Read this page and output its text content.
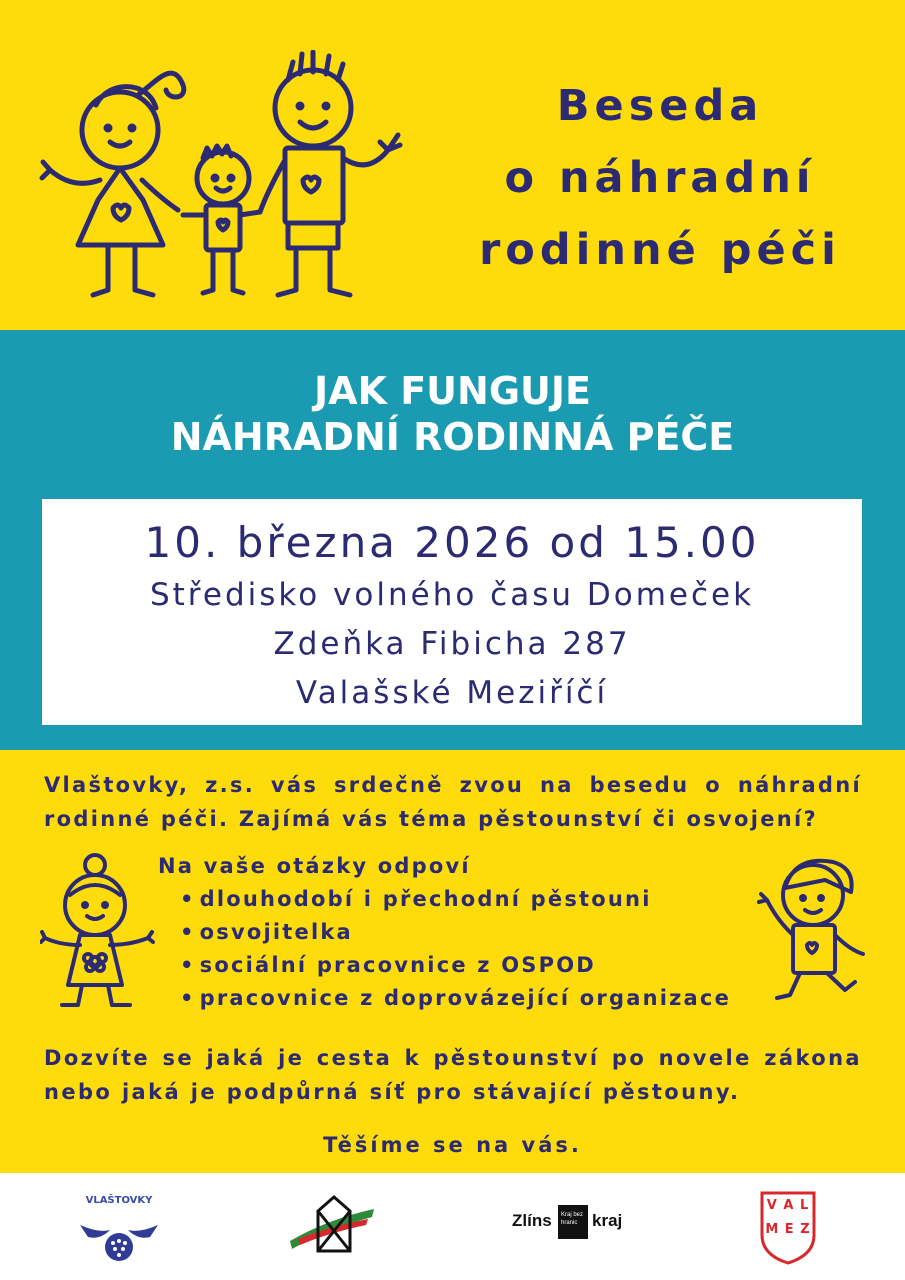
Beseda
o náhradní
rodinné péči
JAK FUNGUJE
NÁHRADNÍ RODINNÁ PÉČE
10. března 2026 od 15.00
Středisko volného času Domeček
Zdeňka Fibicha 287
Valašské Meziříčí
Vlaštovky, z.s. vás srdečně zvou na besedu o náhradní rodinné péči. Zajímá vás téma pěstounství či osvojení?
Na vaše otázky odpoví
• dlouhodobí i přechodní pěstouni
• osvojitelka
• sociální pracovnice z OSPOD
• pracovnice z doprovázející organizace
Dozvíte se jaká je cesta k pěstounství po novele zákona nebo jaká je podpůrná síť pro stávající pěstouny.
Těšíme se na vás.
VLAŠTOVKY
Zlíns	Kraj bez hranic kraj
V A L
M E Z
